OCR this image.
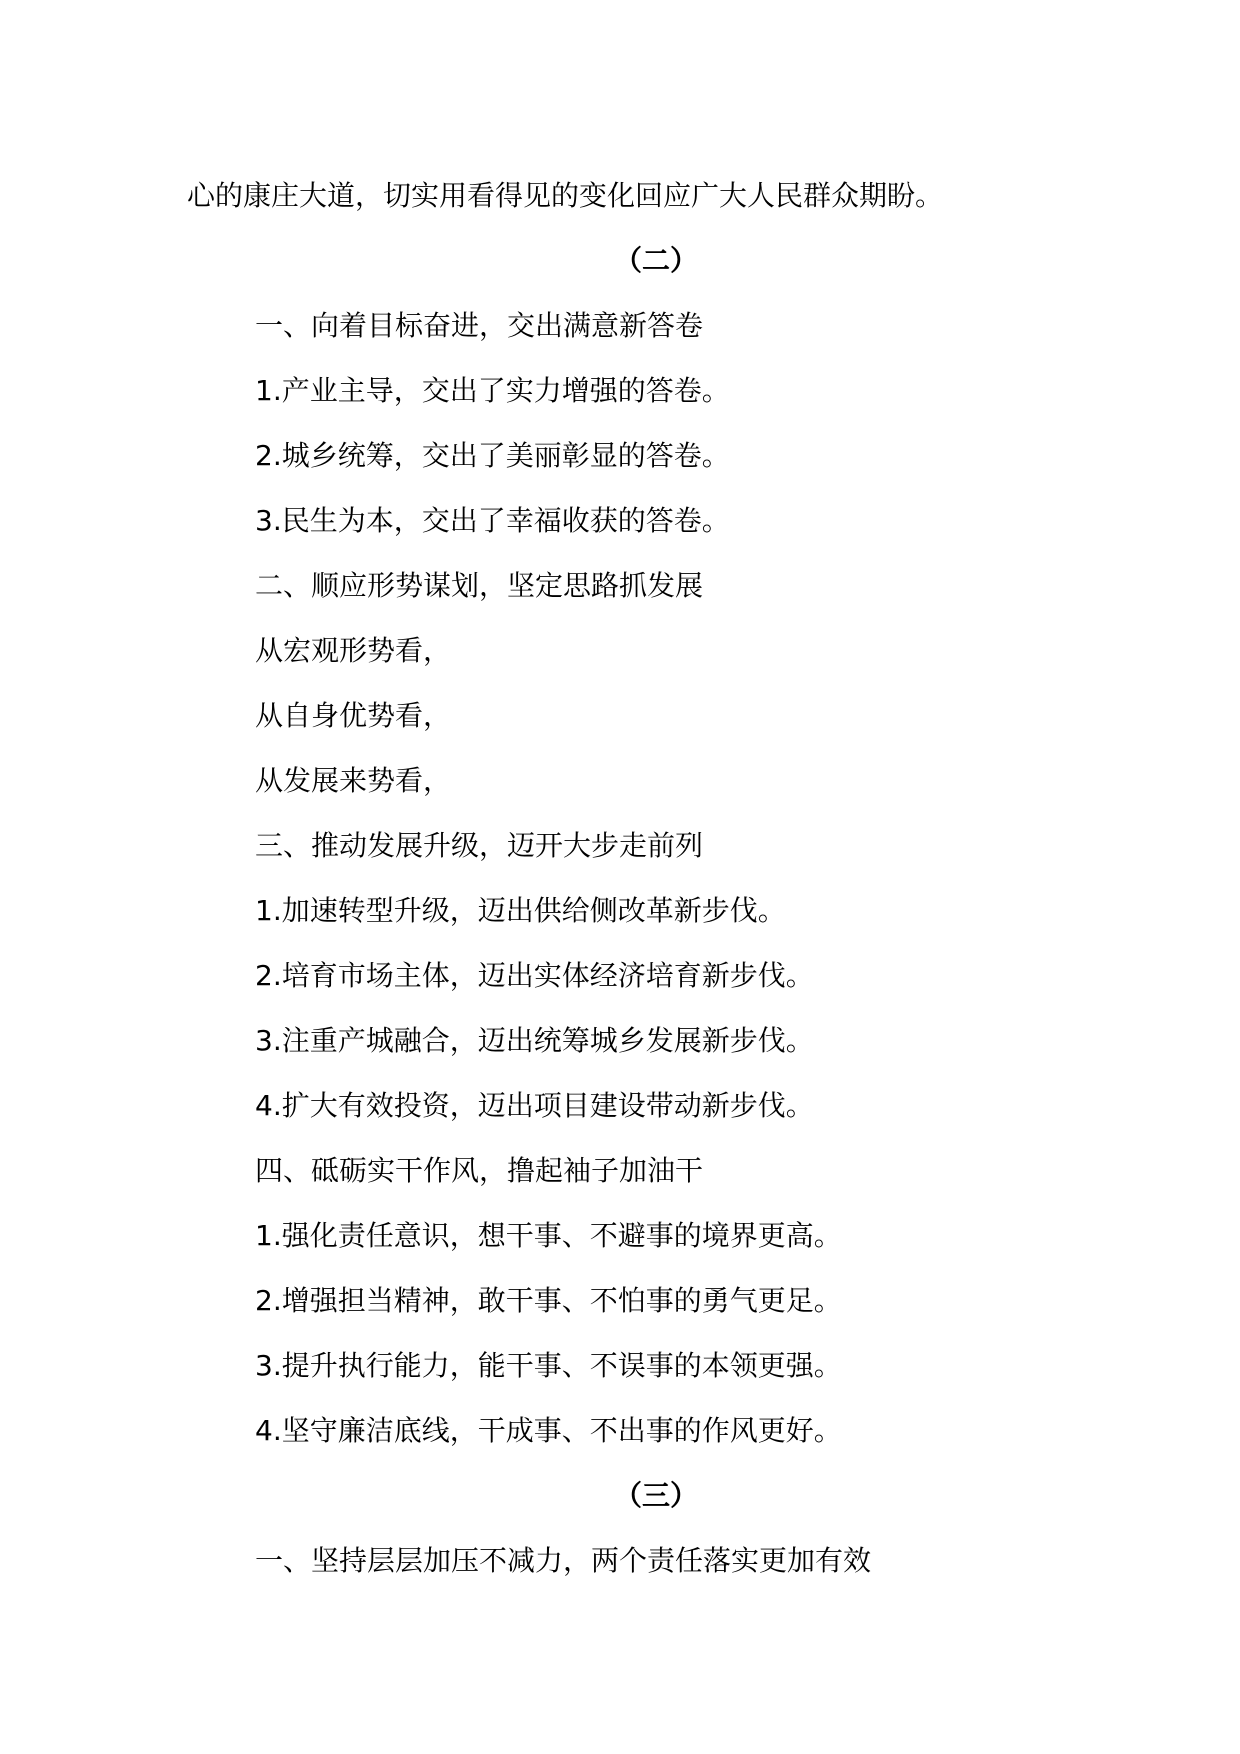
心的康庄大道，切实用看得见的变化回应广大人民群众期盼。

（二）

一、向着目标奋进，交出满意新答卷

1.产业主导，交出了实力增强的答卷。

2.城乡统筹，交出了美丽彰显的答卷。

3.民生为本，交出了幸福收获的答卷。

二、顺应形势谋划，坚定思路抓发展

从宏观形势看，

从自身优势看，

从发展来势看，

三、推动发展升级，迈开大步走前列

1.加速转型升级，迈出供给侧改革新步伐。

2.培育市场主体，迈出实体经济培育新步伐。

3.注重产城融合，迈出统筹城乡发展新步伐。

4.扩大有效投资，迈出项目建设带动新步伐。

四、砥砺实干作风，撸起袖子加油干

1.强化责任意识，想干事、不避事的境界更高。

2.增强担当精神，敢干事、不怕事的勇气更足。

3.提升执行能力，能干事、不误事的本领更强。

4.坚守廉洁底线，干成事、不出事的作风更好。

（三）

一、坚持层层加压不减力，两个责任落实更加有效
